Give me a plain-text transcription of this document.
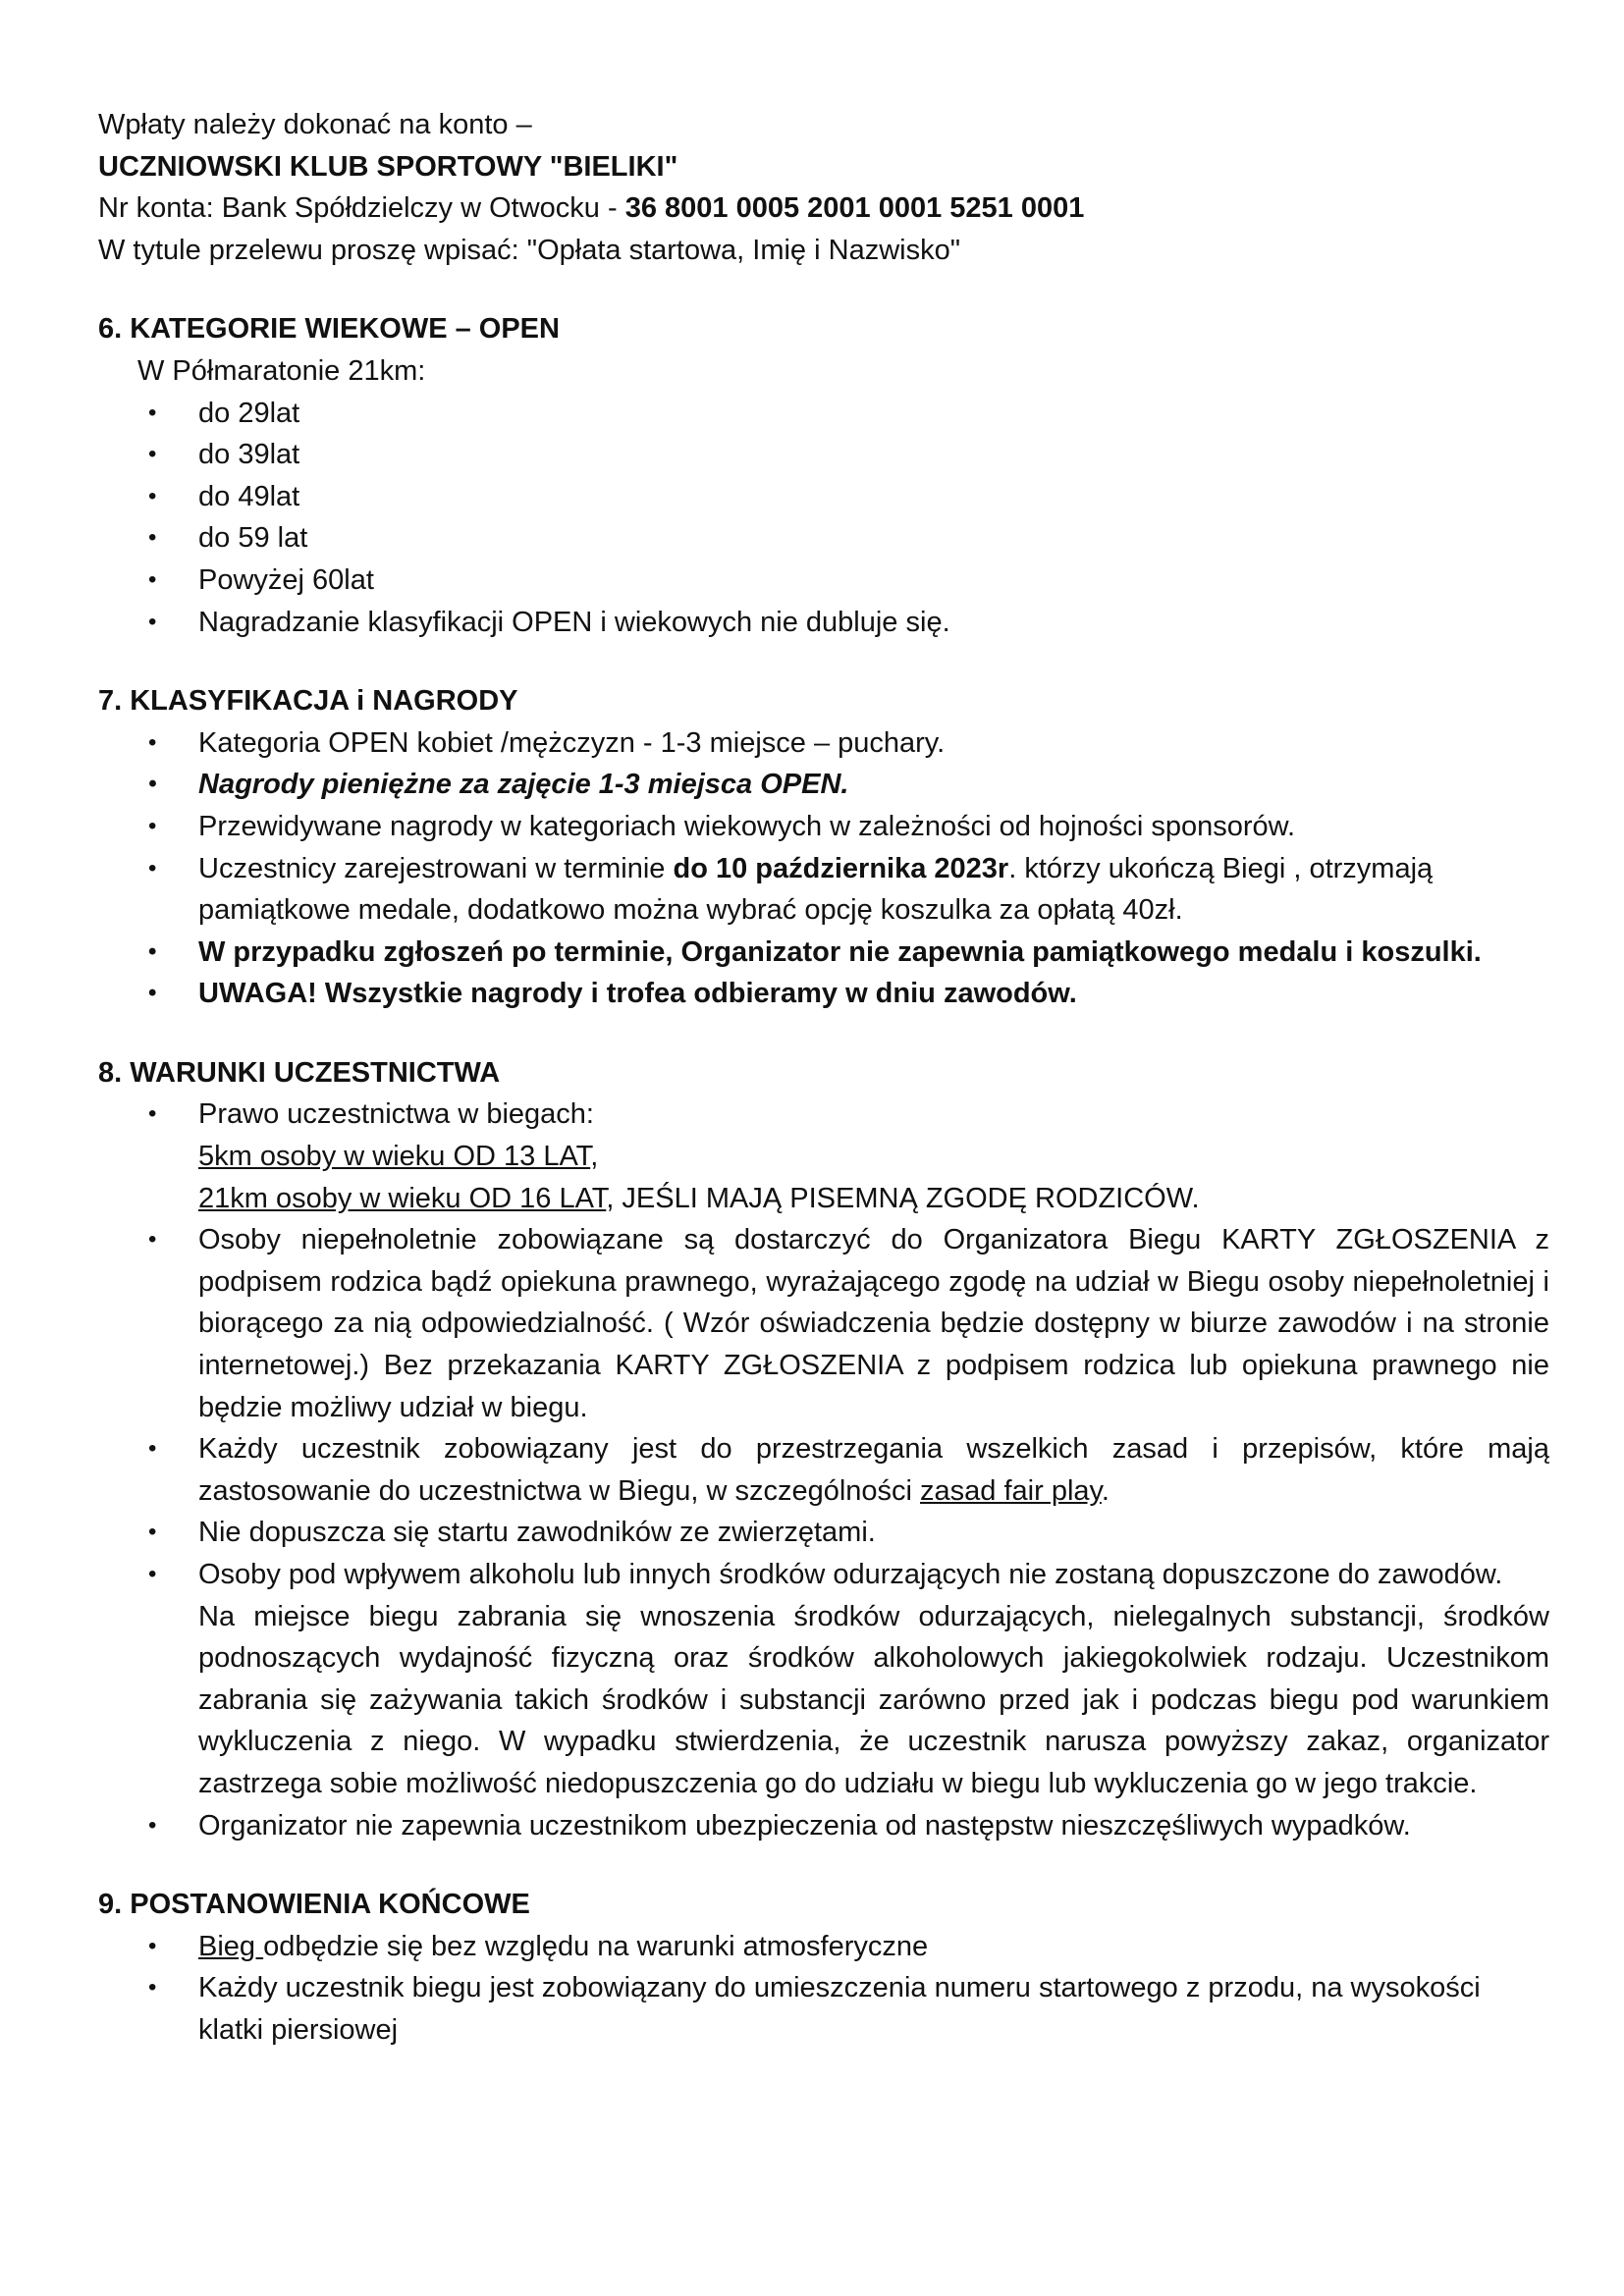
Wpłaty należy dokonać na konto –

UCZNIOWSKI KLUB SPORTOWY "BIELIKI"

Nr konta: Bank Spółdzielczy w Otwocku - 36 8001 0005 2001 0001 5251 0001

W tytule przelewu proszę wpisać: "Opłata startowa, Imię i Nazwisko"

6. KATEGORIE WIEKOWE – OPEN

W Półmaratonie 21km:

• do 29lat
• do 39lat
• do 49lat
• do 59 lat
• Powyżej 60lat
• Nagradzanie klasyfikacji OPEN i wiekowych nie dubluje się.
7. KLASYFIKACJA i NAGRODY
• Kategoria OPEN kobiet /mężczyzn - 1-3 miejsce – puchary.
• Nagrody pieniężne za zajęcie 1-3 miejsca OPEN.
• Przewidywane nagrody w kategoriach wiekowych w zależności od hojności sponsorów.
• Uczestnicy zarejestrowani w terminie do 10 października 2023r. którzy ukończą Biegi , otrzymają pamiątkowe medale, dodatkowo można wybrać opcję koszulka za opłatą 40zł.
• W przypadku zgłoszeń po terminie, Organizator nie zapewnia pamiątkowego medalu i koszulki.
• UWAGA! Wszystkie nagrody i trofea odbieramy w dniu zawodów.
8. WARUNKI UCZESTNICTWA
• Prawo uczestnictwa w biegach:

5km osoby w wieku OD 13 LAT,

21km osoby w wieku OD 16 LAT, JEŚLI MAJĄ PISEMNĄ ZGODĘ RODZICÓW.

• Osoby niepełnoletnie zobowiązane są dostarczyć do Organizatora Biegu KARTY ZGŁOSZENIA z podpisem rodzica bądź opiekuna prawnego, wyrażającego zgodę na udział w Biegu osoby niepełnoletniej i biorącego za nią odpowiedzialność. ( Wzór oświadczenia będzie dostępny w biurze zawodów i na stronie internetowej.) Bez przekazania KARTY ZGŁOSZENIA z podpisem rodzica lub opiekuna prawnego nie będzie możliwy udział w biegu.
• Każdy uczestnik zobowiązany jest do przestrzegania wszelkich zasad i przepisów, które mają zastosowanie do uczestnictwa w Biegu, w szczególności zasad fair play.
• Nie dopuszcza się startu zawodników ze zwierzętami.
• Osoby pod wpływem alkoholu lub innych środków odurzających nie zostaną dopuszczone do zawodów.

Na miejsce biegu zabrania się wnoszenia środków odurzających, nielegalnych substancji, środków podnoszących wydajność fizyczną oraz środków alkoholowych jakiegokolwiek rodzaju. Uczestnikom zabrania się zażywania takich środków i substancji zarówno przed jak i podczas biegu pod warunkiem wykluczenia z niego. W wypadku stwierdzenia, że uczestnik narusza powyższy zakaz, organizator zastrzega sobie możliwość niedopuszczenia go do udziału w biegu lub wykluczenia go w jego trakcie.

• Organizator nie zapewnia uczestnikom ubezpieczenia od następstw nieszczęśliwych wypadków.
9. POSTANOWIENIA KOŃCOWE
• Bieg odbędzie się bez względu na warunki atmosferyczne
• Każdy uczestnik biegu jest zobowiązany do umieszczenia numeru startowego z przodu, na wysokości klatki piersiowej
